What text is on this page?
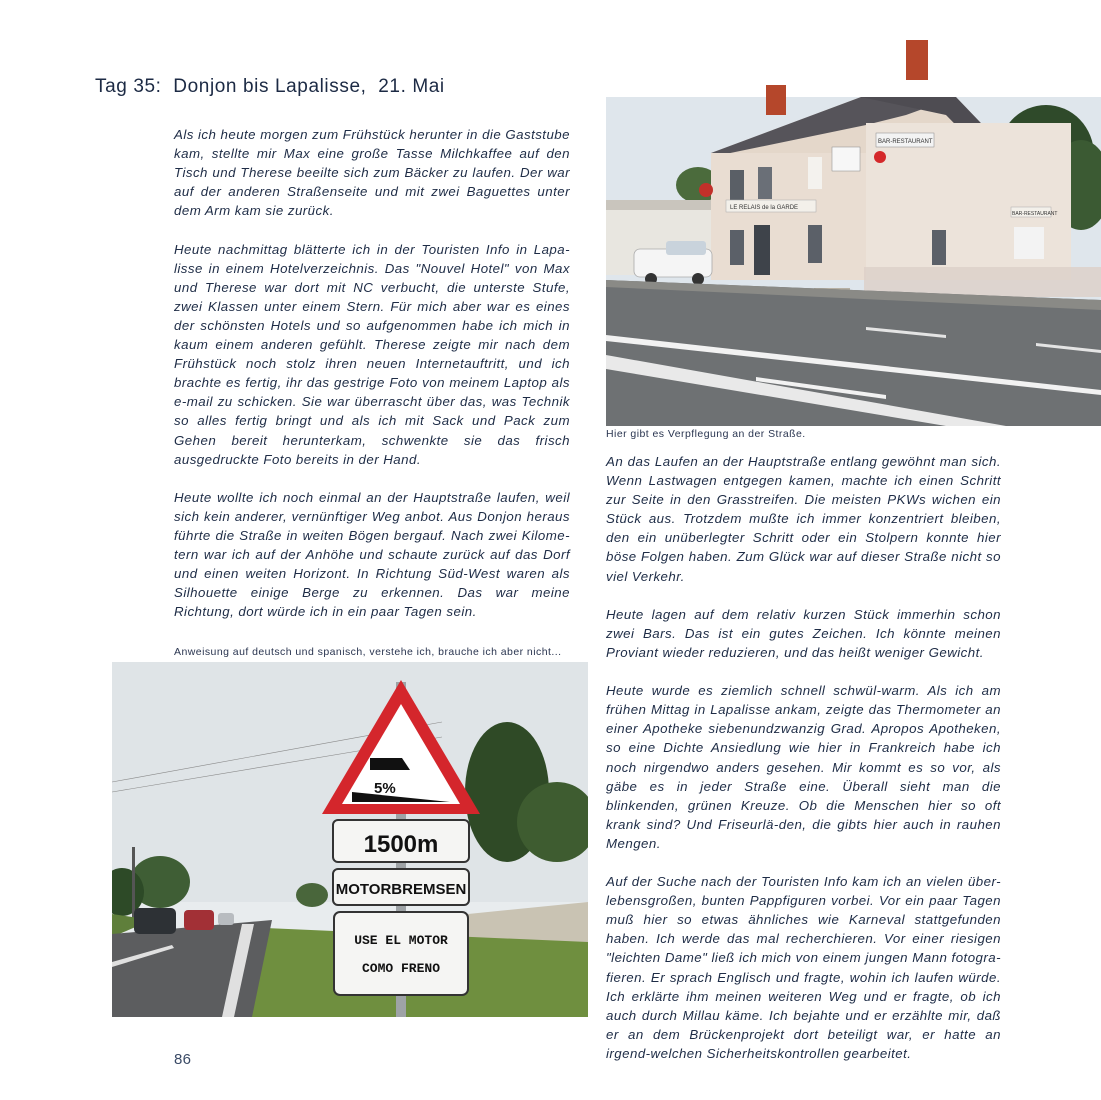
Tag 35:  Donjon bis Lapalisse,  21. Mai

Als ich heute morgen zum Frühstück herunter in die Gaststube kam, stellte mir Max eine große Tasse Milchkaffee auf den Tisch und Therese beeilte sich zum Bäcker zu laufen. Der war auf der anderen Straßenseite und mit zwei Baguettes unter dem Arm kam sie zurück.

Heute nachmittag blätterte ich in der Touristen Info in Lapa-lisse in einem Hotelverzeichnis. Das "Nouvel Hotel" von Max und Therese war dort mit NC verbucht, die unterste Stufe, zwei Klassen unter einem Stern. Für mich aber war es eines der schönsten Hotels und so aufgenommen habe ich mich in kaum einem anderen gefühlt. Therese zeigte mir nach dem Frühstück noch stolz ihren neuen Internetauftritt, und ich brachte es fertig, ihr das gestrige Foto von meinem Laptop als e-mail zu schicken. Sie war überrascht über das, was Technik so alles fertig bringt und als ich mit Sack und Pack zum Gehen bereit herunterkam, schwenkte sie das frisch ausgedruckte Foto bereits in der Hand.

Heute wollte ich noch einmal an der Hauptstraße laufen, weil sich kein anderer, vernünftiger Weg anbot. Aus Donjon heraus führte die Straße in weiten Bögen bergauf. Nach zwei Kilome-tern war ich auf der Anhöhe und schaute zurück auf das Dorf und einen weiten Horizont. In Richtung Süd-West waren als Silhouette einige Berge zu erkennen. Das war meine Richtung, dort würde ich in ein paar Tagen sein.

An das Laufen an der Hauptstraße entlang gewöhnt man sich. Wenn Lastwagen entgegen kamen, machte ich einen Schritt zur Seite in den Grasstreifen. Die meisten PKWs wichen ein Stück aus. Trotzdem mußte ich immer konzentriert bleiben, den ein unüberlegter Schritt oder ein Stolpern konnte hier böse Folgen haben. Zum Glück war auf dieser Straße nicht so viel Verkehr.

Heute lagen auf dem relativ kurzen Stück immerhin schon zwei Bars. Das ist ein gutes Zeichen. Ich könnte meinen Proviant wieder reduzieren, und das heißt weniger Gewicht.

Heute wurde es ziemlich schnell schwül-warm. Als ich am frühen Mittag in Lapalisse ankam, zeigte das Thermometer an einer Apotheke siebenundzwanzig Grad. Apropos Apotheken, so eine Dichte Ansiedlung wie hier in Frankreich habe ich noch nirgendwo anders gesehen. Mir kommt es so vor, als gäbe es in jeder Straße eine. Überall sieht man die blinkenden, grünen Kreuze. Ob die Menschen hier so oft krank sind? Und Friseurlä-den, die gibts hier auch in rauhen Mengen.

Auf der Suche nach der Touristen Info kam ich an vielen über-lebensgroßen, bunten Pappfiguren vorbei. Vor ein paar Tagen muß hier so etwas ähnliches wie Karneval stattgefunden haben. Ich werde das mal recherchieren. Vor einer riesigen "leichten Dame" ließ ich mich von einem jungen Mann fotogra-fieren. Er sprach Englisch und fragte, wohin ich laufen würde. Ich erklärte ihm meinen weiteren Weg und er fragte, ob ich auch durch Millau käme. Ich bejahte und er erzählte mir, daß er an dem Brückenprojekt dort beteiligt war, er hatte an irgend-welchen Sicherheitskontrollen gearbeitet.

Hier gibt es Verpflegung an der Straße.
Anweisung auf deutsch und spanisch, verstehe ich, brauche ich aber nicht...
BAR-RESTAURANT
LE RELAIS de la GARDE
BAR-RESTAURANT
5%
1500m
MOTORBREMSEN
USE EL MOTOR
COMO FRENO
86
